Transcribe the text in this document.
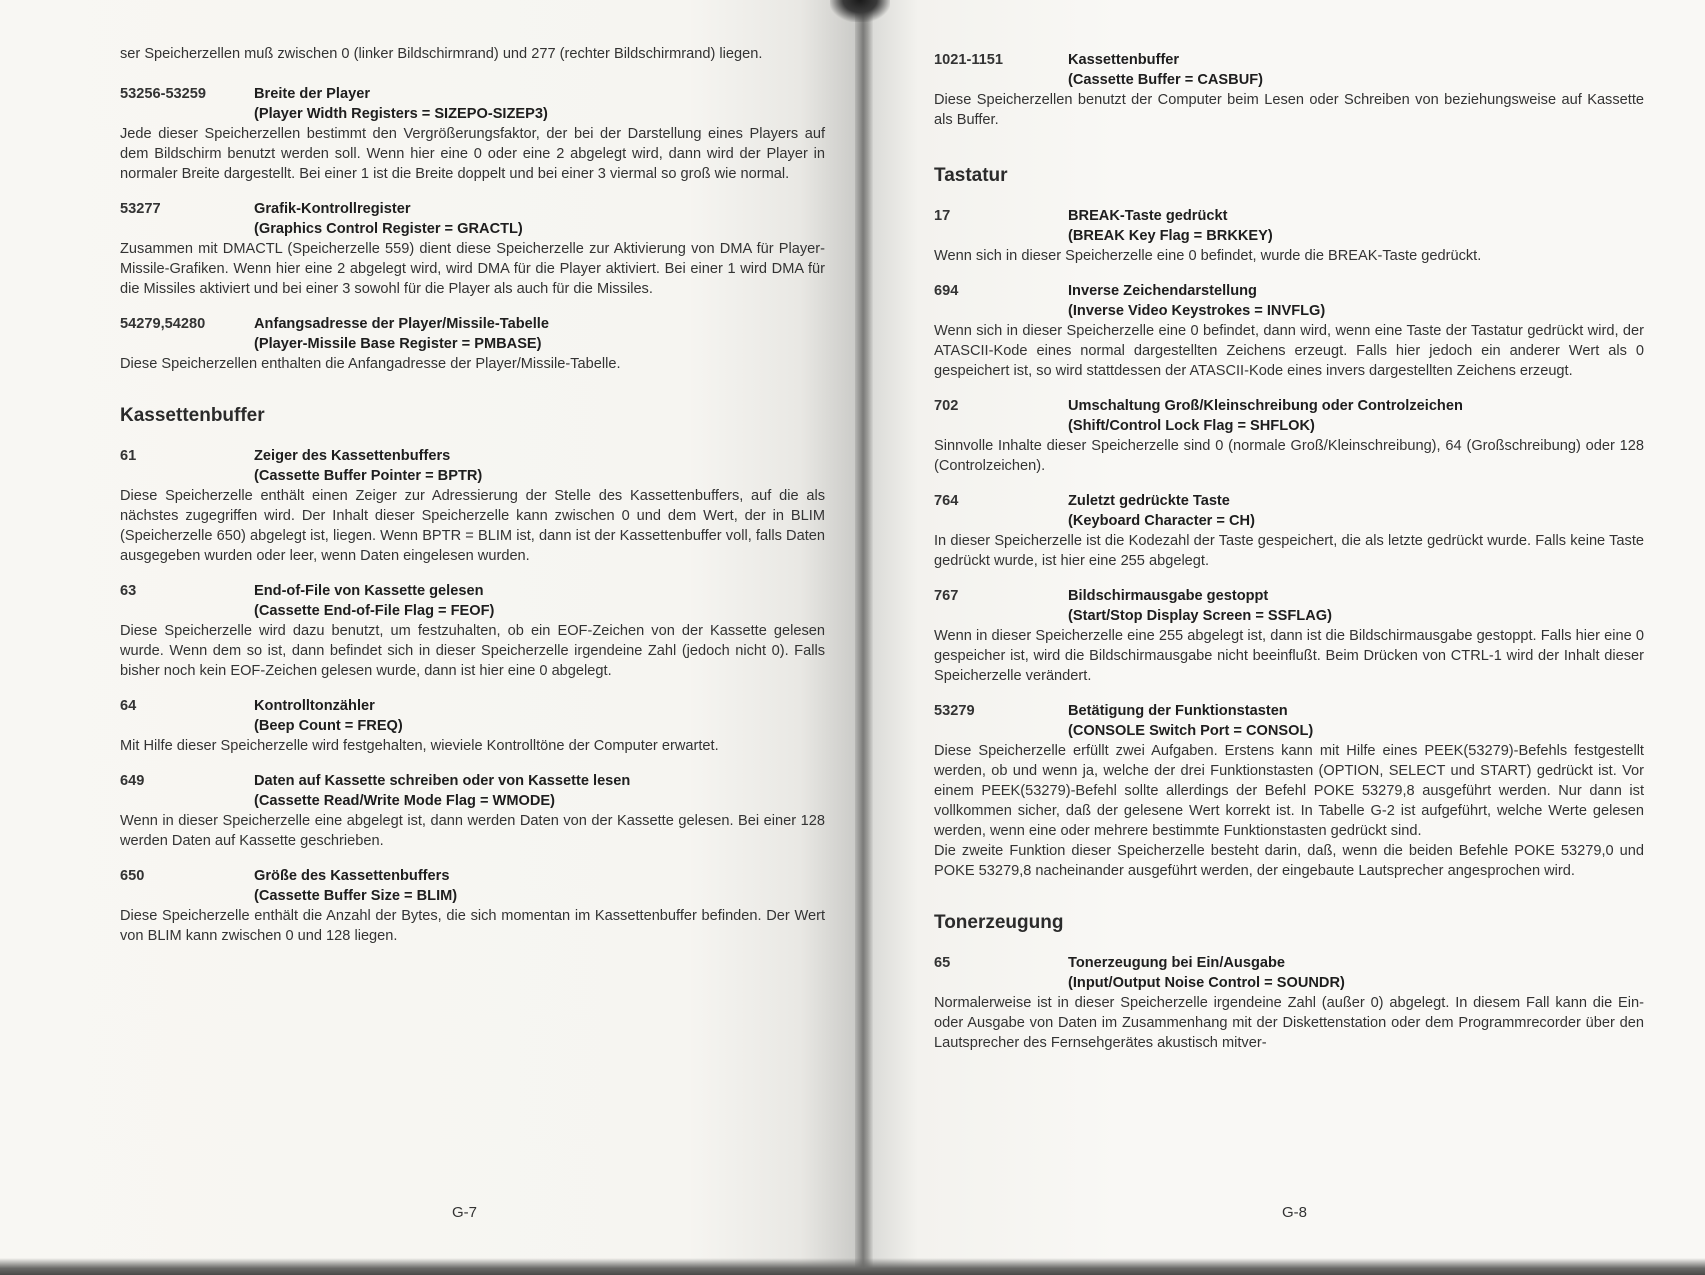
ser Speicherzellen muß zwischen 0 (linker Bildschirmrand) und 277 (rechter Bildschirmrand) liegen.
53256-53259	Breite der Player
(Player Width Registers = SIZEPO-SIZEP3)
Jede dieser Speicherzellen bestimmt den Vergrößerungsfaktor, der bei der Darstellung eines Players auf dem Bildschirm benutzt werden soll. Wenn hier eine 0 oder eine 2 abgelegt wird, dann wird der Player in normaler Breite dargestellt. Bei einer 1 ist die Breite doppelt und bei einer 3 viermal so groß wie normal.
53277	Grafik-Kontrollregister
(Graphics Control Register = GRACTL)
Zusammen mit DMACTL (Speicherzelle 559) dient diese Speicherzelle zur Aktivierung von DMA für Player-Missile-Grafiken. Wenn hier eine 2 abgelegt wird, wird DMA für die Player aktiviert. Bei einer 1 wird DMA für die Missiles aktiviert und bei einer 3 sowohl für die Player als auch für die Missiles.
54279,54280	Anfangsadresse der Player/Missile-Tabelle
(Player-Missile Base Register = PMBASE)
Diese Speicherzellen enthalten die Anfangadresse der Player/Missile-Tabelle.
Kassettenbuffer
61	Zeiger des Kassettenbuffers
(Cassette Buffer Pointer = BPTR)
Diese Speicherzelle enthält einen Zeiger zur Adressierung der Stelle des Kassettenbuffers, auf die als nächstes zugegriffen wird. Der Inhalt dieser Speicherzelle kann zwischen 0 und dem Wert, der in BLIM (Speicherzelle 650) abgelegt ist, liegen. Wenn BPTR = BLIM ist, dann ist der Kassettenbuffer voll, falls Daten ausgegeben wurden oder leer, wenn Daten eingelesen wurden.
63	End-of-File von Kassette gelesen
(Cassette End-of-File Flag = FEOF)
Diese Speicherzelle wird dazu benutzt, um festzuhalten, ob ein EOF-Zeichen von der Kassette gelesen wurde. Wenn dem so ist, dann befindet sich in dieser Speicherzelle irgendeine Zahl (jedoch nicht 0). Falls bisher noch kein EOF-Zeichen gelesen wurde, dann ist hier eine 0 abgelegt.
64	Kontrolltonzähler
(Beep Count = FREQ)
Mit Hilfe dieser Speicherzelle wird festgehalten, wieviele Kontrolltöne der Computer erwartet.
649	Daten auf Kassette schreiben oder von Kassette lesen
(Cassette Read/Write Mode Flag = WMODE)
Wenn in dieser Speicherzelle eine abgelegt ist, dann werden Daten von der Kassette gelesen. Bei einer 128 werden Daten auf Kassette geschrieben.
650	Größe des Kassettenbuffers
(Cassette Buffer Size = BLIM)
Diese Speicherzelle enthält die Anzahl der Bytes, die sich momentan im Kassettenbuffer befinden. Der Wert von BLIM kann zwischen 0 und 128 liegen.
G-7
1021-1151	Kassettenbuffer
(Cassette Buffer = CASBUF)
Diese Speicherzellen benutzt der Computer beim Lesen oder Schreiben von beziehungsweise auf Kassette als Buffer.
Tastatur
17	BREAK-Taste gedrückt
(BREAK Key Flag = BRKKEY)
Wenn sich in dieser Speicherzelle eine 0 befindet, wurde die BREAK-Taste gedrückt.
694	Inverse Zeichendarstellung
(Inverse Video Keystrokes = INVFLG)
Wenn sich in dieser Speicherzelle eine 0 befindet, dann wird, wenn eine Taste der Tastatur gedrückt wird, der ATASCII-Kode eines normal dargestellten Zeichens erzeugt. Falls hier jedoch ein anderer Wert als 0 gespeichert ist, so wird stattdessen der ATASCII-Kode eines invers dargestellten Zeichens erzeugt.
702	Umschaltung Groß/Kleinschreibung oder Controlzeichen
(Shift/Control Lock Flag = SHFLOK)
Sinnvolle Inhalte dieser Speicherzelle sind 0 (normale Groß/Kleinschreibung), 64 (Großschreibung) oder 128 (Controlzeichen).
764	Zuletzt gedrückte Taste
(Keyboard Character = CH)
In dieser Speicherzelle ist die Kodezahl der Taste gespeichert, die als letzte gedrückt wurde. Falls keine Taste gedrückt wurde, ist hier eine 255 abgelegt.
767	Bildschirmausgabe gestoppt
(Start/Stop Display Screen = SSFLAG)
Wenn in dieser Speicherzelle eine 255 abgelegt ist, dann ist die Bildschirmausgabe gestoppt. Falls hier eine 0 gespeicher ist, wird die Bildschirmausgabe nicht beeinflußt. Beim Drücken von CTRL-1 wird der Inhalt dieser Speicherzelle verändert.
53279	Betätigung der Funktionstasten
(CONSOLE Switch Port = CONSOL)
Diese Speicherzelle erfüllt zwei Aufgaben. Erstens kann mit Hilfe eines PEEK(53279)-Befehls festgestellt werden, ob und wenn ja, welche der drei Funktionstasten (OPTION, SELECT und START) gedrückt ist. Vor einem PEEK(53279)-Befehl sollte allerdings der Befehl POKE 53279,8 ausgeführt werden. Nur dann ist vollkommen sicher, daß der gelesene Wert korrekt ist. In Tabelle G-2 ist aufgeführt, welche Werte gelesen werden, wenn eine oder mehrere bestimmte Funktionstasten gedrückt sind.
Die zweite Funktion dieser Speicherzelle besteht darin, daß, wenn die beiden Befehle POKE 53279,0 und POKE 53279,8 nacheinander ausgeführt werden, der eingebaute Lautsprecher angesprochen wird.
Tonerzeugung
65	Tonerzeugung bei Ein/Ausgabe
(Input/Output Noise Control = SOUNDR)
Normalerweise ist in dieser Speicherzelle irgendeine Zahl (außer 0) abgelegt. In diesem Fall kann die Ein- oder Ausgabe von Daten im Zusammenhang mit der Diskettenstation oder dem Programmrecorder über den Lautsprecher des Fernsehgerätes akustisch mitver-
G-8
